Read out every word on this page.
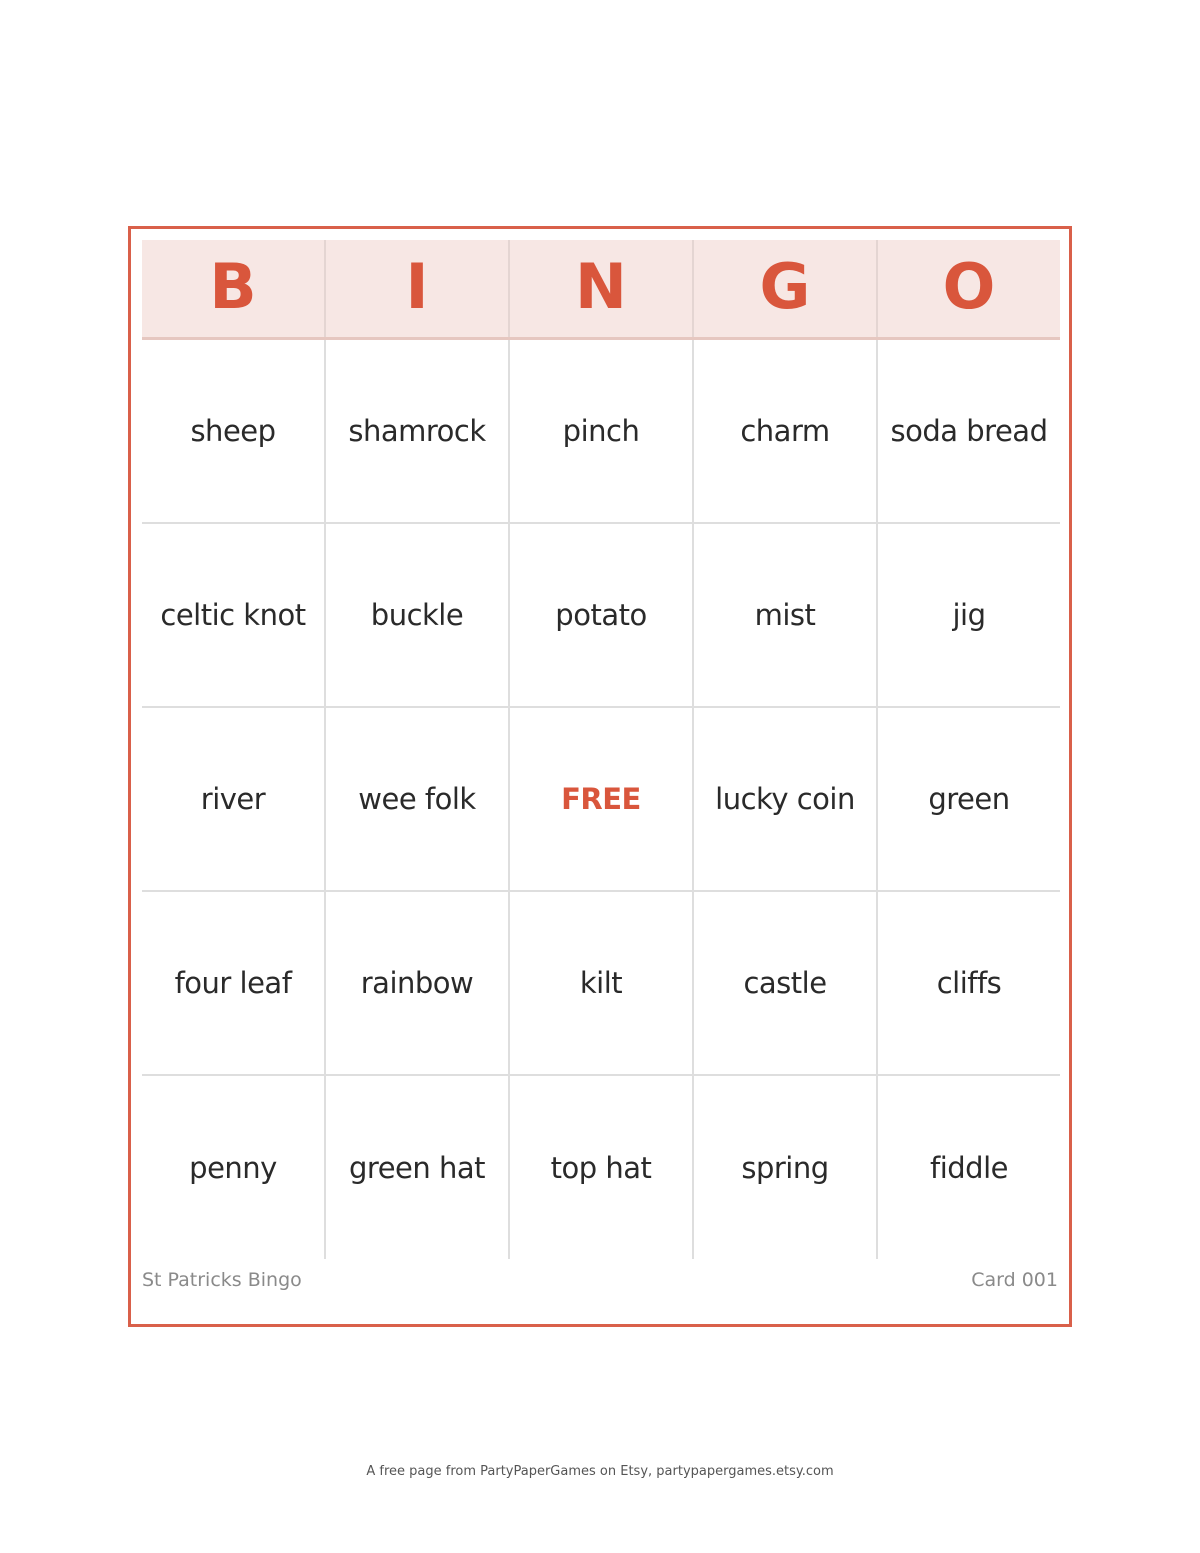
B	I	N	G	O
sheep	shamrock	pinch	charm	soda bread
celtic knot	buckle	potato	mist	jig
river	wee folk	FREE	lucky coin	green
four leaf	rainbow	kilt	castle	cliffs
penny	green hat	top hat	spring	fiddle
St Patricks Bingo	Card 001
A free page from PartyPaperGames on Etsy, partypapergames.etsy.com
